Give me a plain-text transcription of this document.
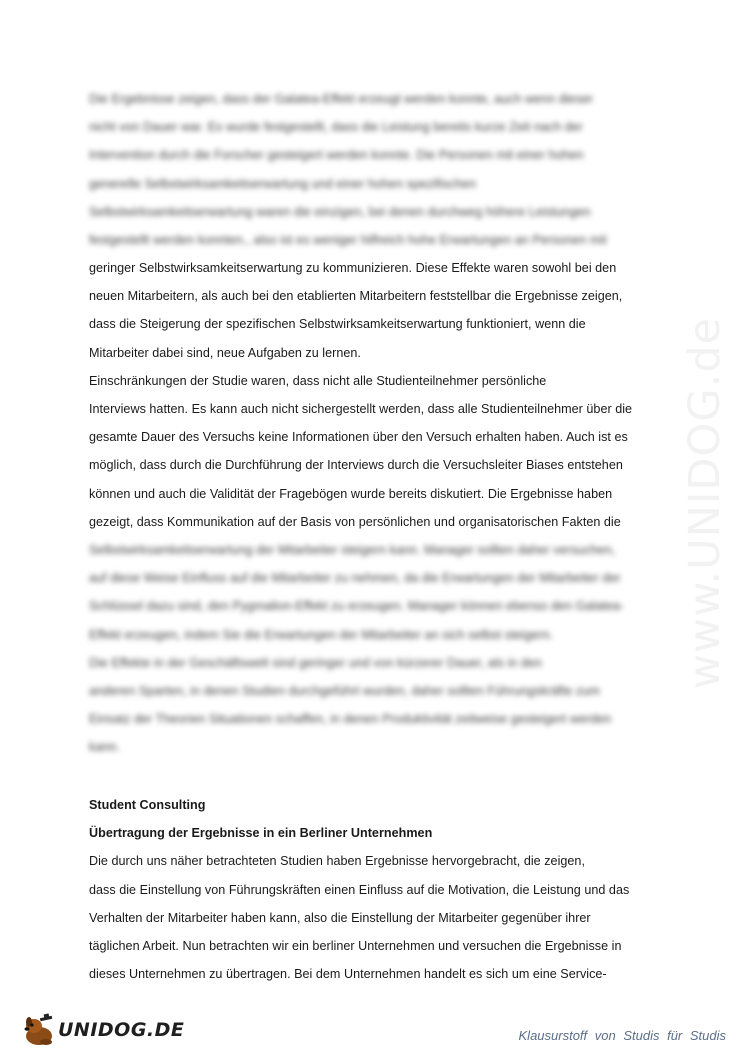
Die Ergebnisse zeigen, dass der Galatea-Effekt erzeugt werden konnte, auch wenn dieser
nicht von Dauer war. Es wurde festgestellt, dass die Leistung bereits kurze Zeit nach der
Intervention durch die Forscher gesteigert werden konnte. Die Personen mit einer hohen
generelle Selbstwirksamkeitserwartung und einer hohen spezifischen
Selbstwirksamkeitserwartung waren die einzigen, bei denen durchweg höhere Leistungen
festgestellt werden konnten., also ist es weniger hilfreich hohe Erwartungen an Personen mit
geringer Selbstwirksamkeitserwartung zu kommunizieren. Diese Effekte waren sowohl bei den
neuen Mitarbeitern, als auch bei den etablierten Mitarbeitern feststellbar die Ergebnisse zeigen,
dass die Steigerung der spezifischen Selbstwirksamkeitserwartung funktioniert, wenn die
Mitarbeiter dabei sind, neue Aufgaben zu lernen.
Einschränkungen der Studie waren, dass nicht alle Studienteilnehmer persönliche
Interviews hatten. Es kann auch nicht sichergestellt werden, dass alle Studienteilnehmer über die
gesamte Dauer des Versuchs keine Informationen über den Versuch erhalten haben. Auch ist es
möglich, dass durch die Durchführung der Interviews durch die Versuchsleiter Biases entstehen
können und auch die Validität der Fragebögen wurde bereits diskutiert. Die Ergebnisse haben
gezeigt, dass Kommunikation auf der Basis von persönlichen und organisatorischen Fakten die
Selbstwirksamkeitserwartung der Mitarbeiter steigern kann. Manager sollten daher versuchen,
auf diese Weise Einfluss auf die Mitarbeiter zu nehmen, da die Erwartungen der Mitarbeiter der
Schlüssel dazu sind, den Pygmalion-Effekt zu erzeugen. Manager können ebenso den Galatea-
Effekt erzeugen, indem Sie die Erwartungen der Mitarbeiter an sich selbst steigern.
Die Effekte in der Geschäftswelt sind geringer und von kürzerer Dauer, als in den
anderen Sparten, in denen Studien durchgeführt wurden, daher sollten Führungskräfte zum
Einsatz der Theorien Situationen schaffen, in denen Produktivität zeitweise gesteigert werden
kann.
Student Consulting
Übertragung der Ergebnisse in ein Berliner Unternehmen
Die durch uns näher betrachteten Studien haben Ergebnisse hervorgebracht, die zeigen,
dass die Einstellung von Führungskräften einen Einfluss auf die Motivation, die Leistung und das
Verhalten der Mitarbeiter haben kann, also die Einstellung der Mitarbeiter gegenüber ihrer
täglichen Arbeit. Nun betrachten wir ein berliner Unternehmen und versuchen die Ergebnisse in
dieses Unternehmen zu übertragen. Bei dem Unternehmen handelt es sich um eine Service-
www.UNIDOG.de
UNIDOG.DE	Klausurstoff von Studis für Studis
